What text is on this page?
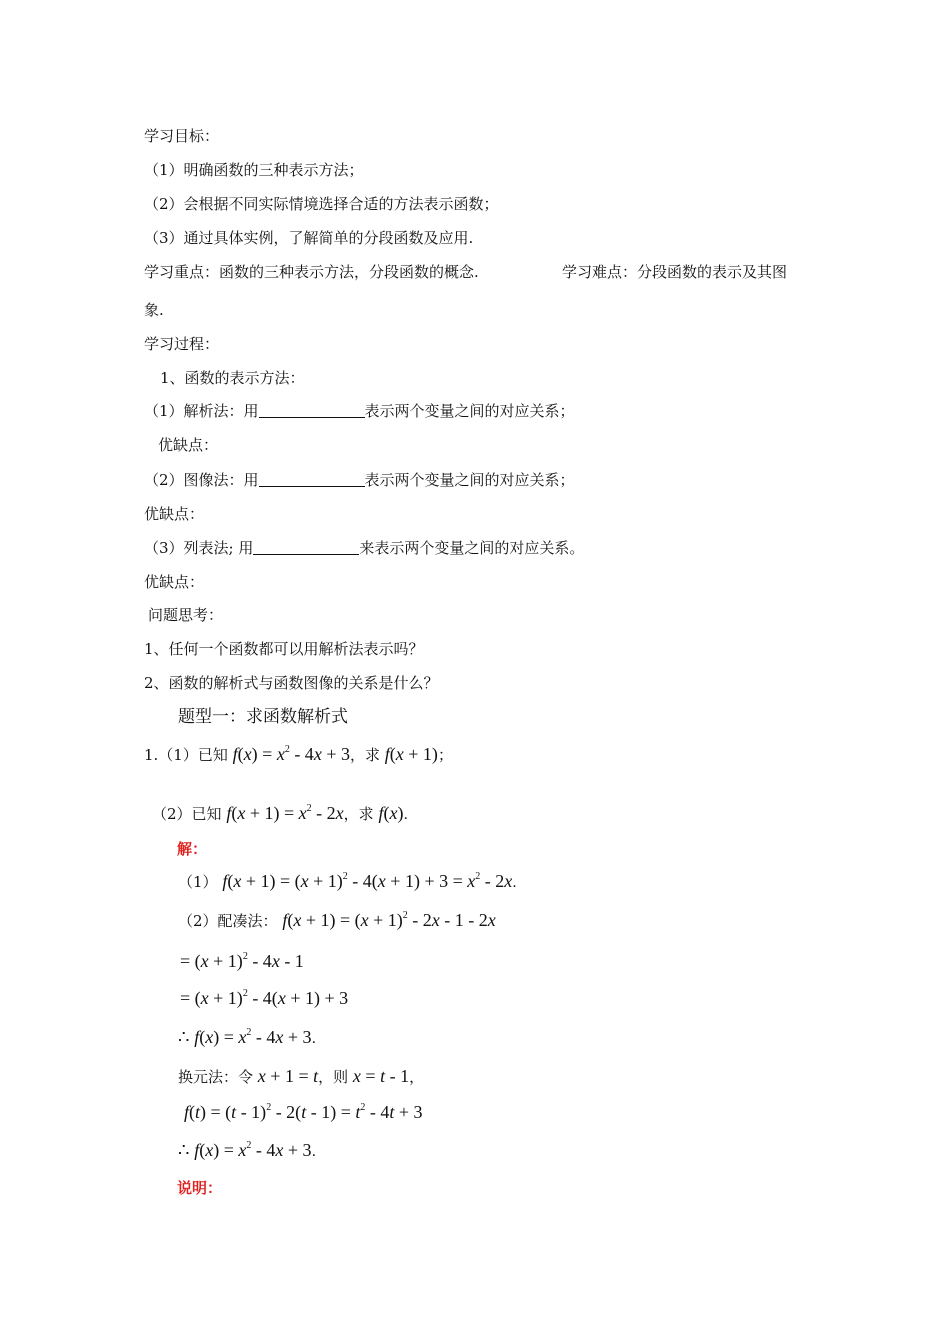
学习目标：
（1）明确函数的三种表示方法；
（2）会根据不同实际情境选择合适的方法表示函数；
（3）通过具体实例，了解简单的分段函数及应用.
学习重点：函数的三种表示方法，分段函数的概念.	学习难点：分段函数的表示及其图
象.
学习过程：
1、函数的表示方法：
（1）解析法：用	表示两个变量之间的对应关系；
优缺点：
（2）图像法：用	表示两个变量之间的对应关系；
优缺点：
（3）列表法; 用	来表示两个变量之间的对应关系。
优缺点：
问题思考：
1、任何一个函数都可以用解析法表示吗？
2、函数的解析式与函数图像的关系是什么？
题型一：求函数解析式
1.（1）已知 $f(x) = x^2 - 4x + 3$，求 f(x + 1)；
（2）已知 $f(x + 1) = x^2 - 2x$，求 f(x).
解：
（1） $f(x + 1) = (x + 1)^2 - 4(x + 1) + 3 = x^2 - 2x$.
（2）配凑法： $f(x + 1) = (x + 1)^2 - 2x - 1 - 2x$
= $(x + 1)^2 - 4x - 1$
= $(x + 1)^2 - 4(x + 1) + 3$
∴ $f(x) = x^2 - 4x + 3$.
换元法：令 x + 1 = t，则 x = t - 1，
$f(t) = (t - 1)^2 - 2(t - 1) = t^2 - 4t + 3$
∴ $f(x) = x^2 - 4x + 3$.
说明：
